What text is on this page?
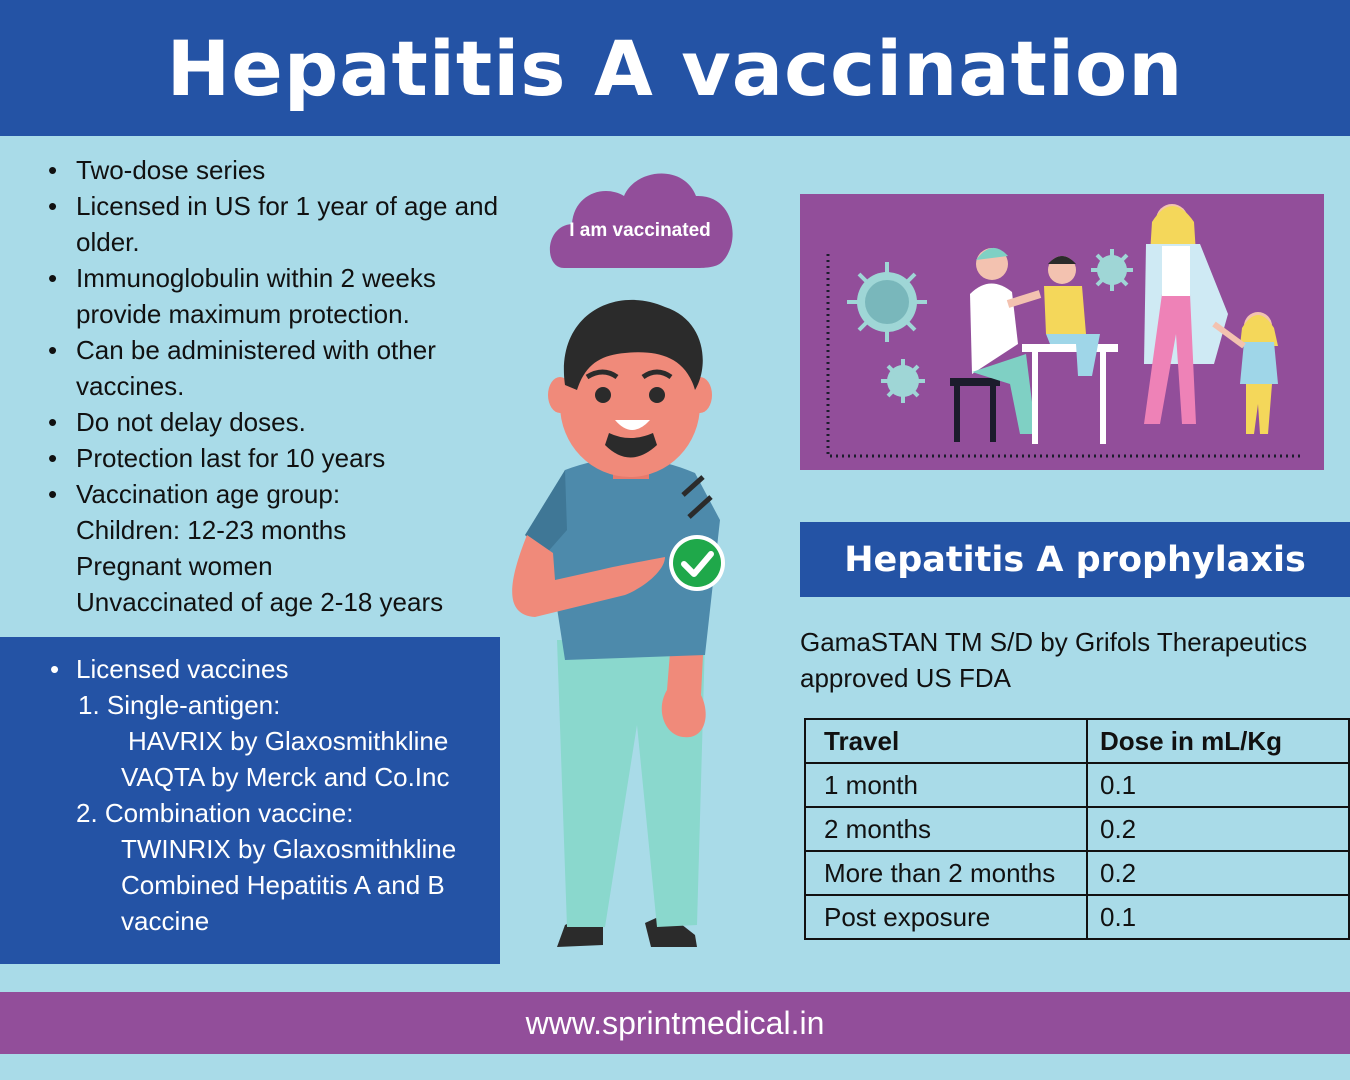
Hepatitis A vaccination
• Two-dose series
• Licensed in US for 1 year of age and older.
• Immunoglobulin within 2 weeks provide maximum protection.
• Can be administered with other vaccines.
• Do not delay doses.
• Protection last for 10 years
• Vaccination age group:
Children: 12-23 months
Pregnant women
Unvaccinated of age 2-18 years
• Licensed vaccines
1. Single-antigen:
HAVRIX by Glaxosmithkline
VAQTA by Merck and Co.Inc
2. Combination vaccine:
TWINRIX by Glaxosmithkline
Combined Hepatitis A and B
vaccine
I am vaccinated
Hepatitis A prophylaxis
GamaSTAN TM S/D by Grifols Therapeutics approved US FDA
Travel	Dose in mL/Kg
1 month	0.1
2 months	0.2
More than 2 months	0.2
Post exposure	0.1
www.sprintmedical.in
